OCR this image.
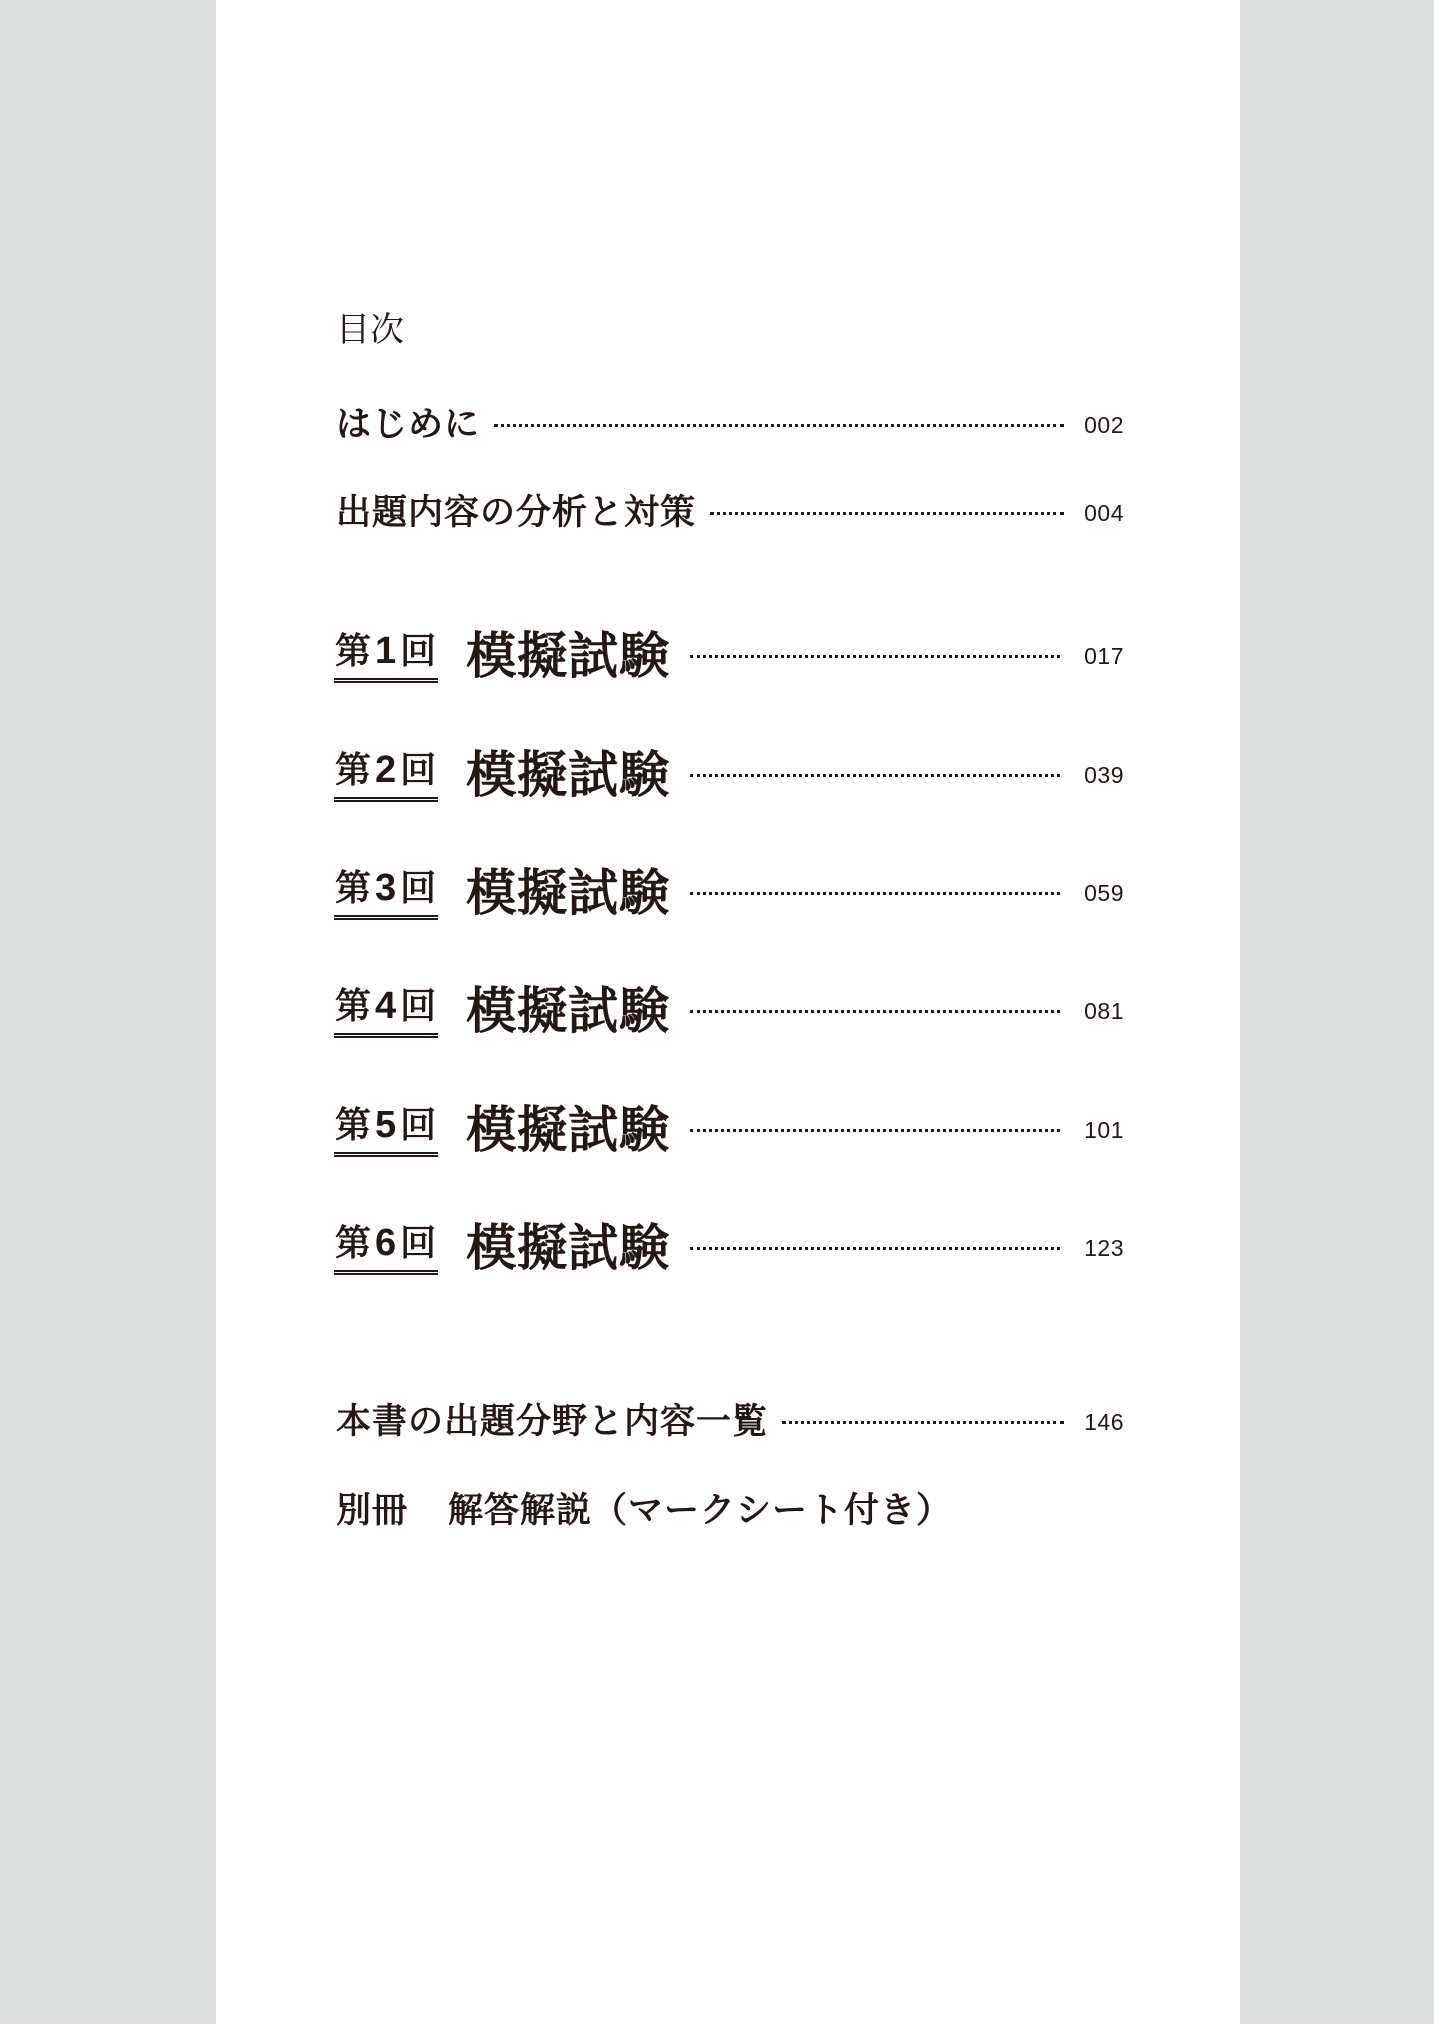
目次
はじめに	002
出題内容の分析と対策	004
第1回 模擬試験	017
第2回 模擬試験	039
第3回 模擬試験	059
第4回 模擬試験	081
第5回 模擬試験	101
第6回 模擬試験	123
本書の出題分野と内容一覧	146
別冊 解答解説（マークシート付き）
